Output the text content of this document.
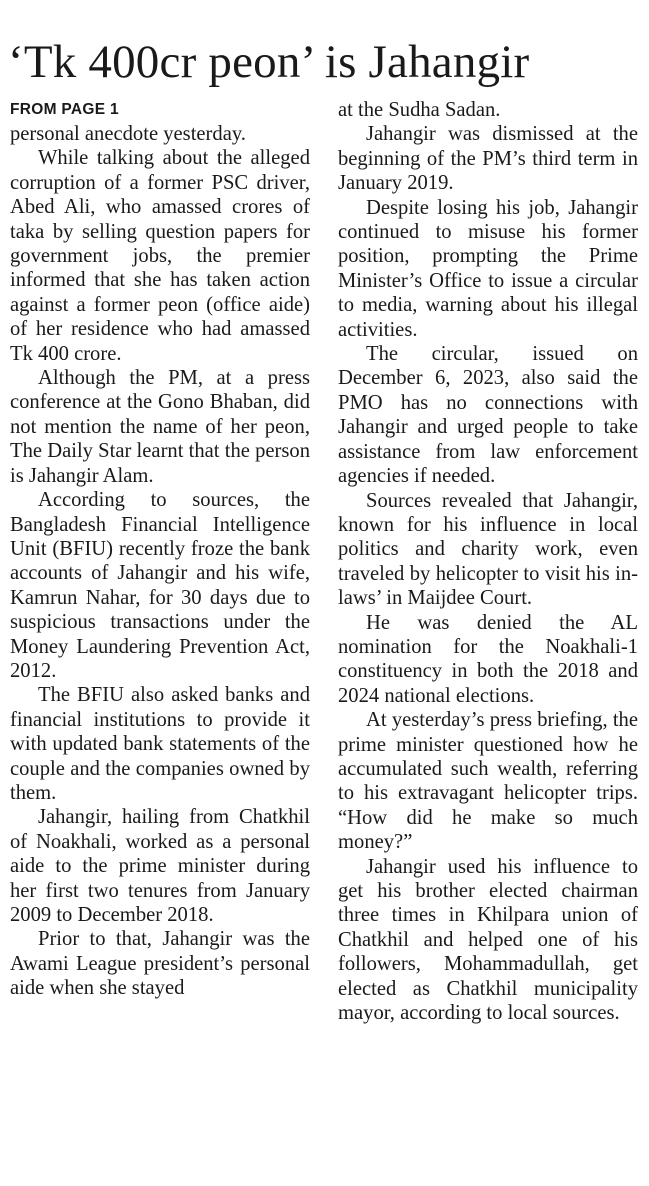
‘Tk 400cr peon’ is Jahangir
FROM PAGE 1

personal anecdote yesterday.

While talking about the alleged corruption of a former PSC driver, Abed Ali, who amassed crores of taka by selling question papers for government jobs, the premier informed that she has taken action against a former peon (office aide) of her residence who had amassed Tk 400 crore.

Although the PM, at a press conference at the Gono Bhaban, did not mention the name of her peon, The Daily Star learnt that the person is Jahangir Alam.

According to sources, the Bangladesh Financial Intelligence Unit (BFIU) recently froze the bank accounts of Jahangir and his wife, Kamrun Nahar, for 30 days due to suspicious transactions under the Money Laundering Prevention Act, 2012.

The BFIU also asked banks and financial institutions to provide it with updated bank statements of the couple and the companies owned by them.

Jahangir, hailing from Chatkhil of Noakhali, worked as a personal aide to the prime minister during her first two tenures from January 2009 to December 2018.

Prior to that, Jahangir was the Awami League president’s personal aide when she stayed

at the Sudha Sadan.

Jahangir was dismissed at the beginning of the PM’s third term in January 2019.

Despite losing his job, Jahangir continued to misuse his former position, prompting the Prime Minister’s Office to issue a circular to media, warning about his illegal activities.

The circular, issued on December 6, 2023, also said the PMO has no connections with Jahangir and urged people to take assistance from law enforcement agencies if needed.

Sources revealed that Jahangir, known for his influence in local politics and charity work, even traveled by helicopter to visit his in-laws’ in Maijdee Court.

He was denied the AL nomination for the Noakhali-1 constituency in both the 2018 and 2024 national elections.

At yesterday’s press briefing, the prime minister questioned how he accumulated such wealth, referring to his extravagant helicopter trips. “How did he make so much money?”

Jahangir used his influence to get his brother elected chairman three times in Khilpara union of Chatkhil and helped one of his followers, Mohammadullah, get elected as Chatkhil municipality mayor, according to local sources.
